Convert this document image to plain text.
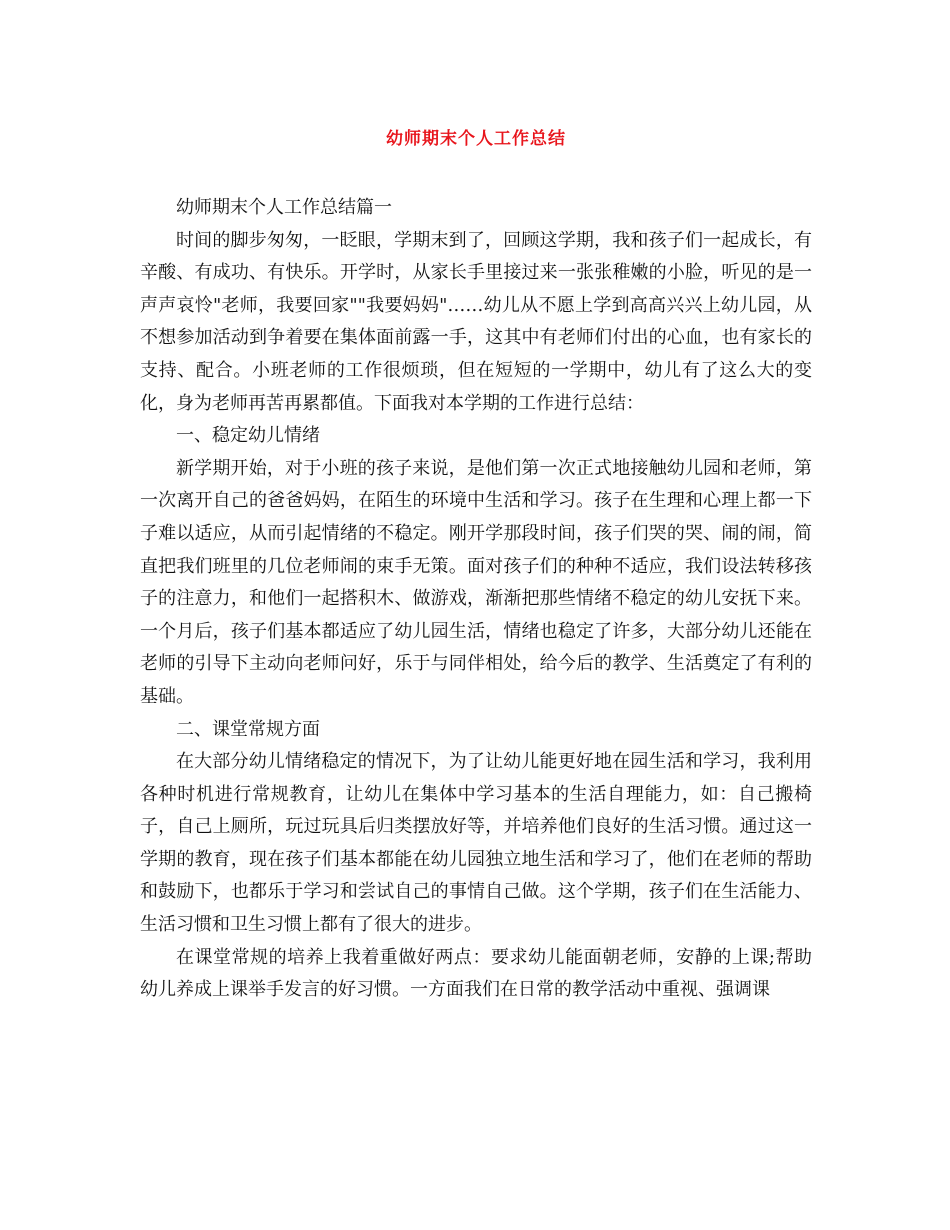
幼师期末个人工作总结

幼师期末个人工作总结篇一

时间的脚步匆匆，一眨眼，学期末到了，回顾这学期，我和孩子们一起成长，有辛酸、有成功、有快乐。开学时，从家长手里接过来一张张稚嫩的小脸，听见的是一声声哀怜"老师，我要回家""我要妈妈"……幼儿从不愿上学到高高兴兴上幼儿园，从不想参加活动到争着要在集体面前露一手，这其中有老师们付出的心血，也有家长的支持、配合。小班老师的工作很烦琐，但在短短的一学期中，幼儿有了这么大的变化，身为老师再苦再累都值。下面我对本学期的工作进行总结：

一、稳定幼儿情绪

新学期开始，对于小班的孩子来说，是他们第一次正式地接触幼儿园和老师，第一次离开自己的爸爸妈妈，在陌生的环境中生活和学习。孩子在生理和心理上都一下子难以适应，从而引起情绪的不稳定。刚开学那段时间，孩子们哭的哭、闹的闹，简直把我们班里的几位老师闹的束手无策。面对孩子们的种种不适应，我们设法转移孩子的注意力，和他们一起搭积木、做游戏，渐渐把那些情绪不稳定的幼儿安抚下来。一个月后，孩子们基本都适应了幼儿园生活，情绪也稳定了许多，大部分幼儿还能在老师的引导下主动向老师问好，乐于与同伴相处，给今后的教学、生活奠定了有利的基础。

二、课堂常规方面

在大部分幼儿情绪稳定的情况下，为了让幼儿能更好地在园生活和学习，我利用各种时机进行常规教育，让幼儿在集体中学习基本的生活自理能力，如：自己搬椅子，自己上厕所，玩过玩具后归类摆放好等，并培养他们良好的生活习惯。通过这一学期的教育，现在孩子们基本都能在幼儿园独立地生活和学习了，他们在老师的帮助和鼓励下，也都乐于学习和尝试自己的事情自己做。这个学期，孩子们在生活能力、生活习惯和卫生习惯上都有了很大的进步。

在课堂常规的培养上我着重做好两点：要求幼儿能面朝老师，安静的上课;帮助幼儿养成上课举手发言的好习惯。一方面我们在日常的教学活动中重视、强调课
